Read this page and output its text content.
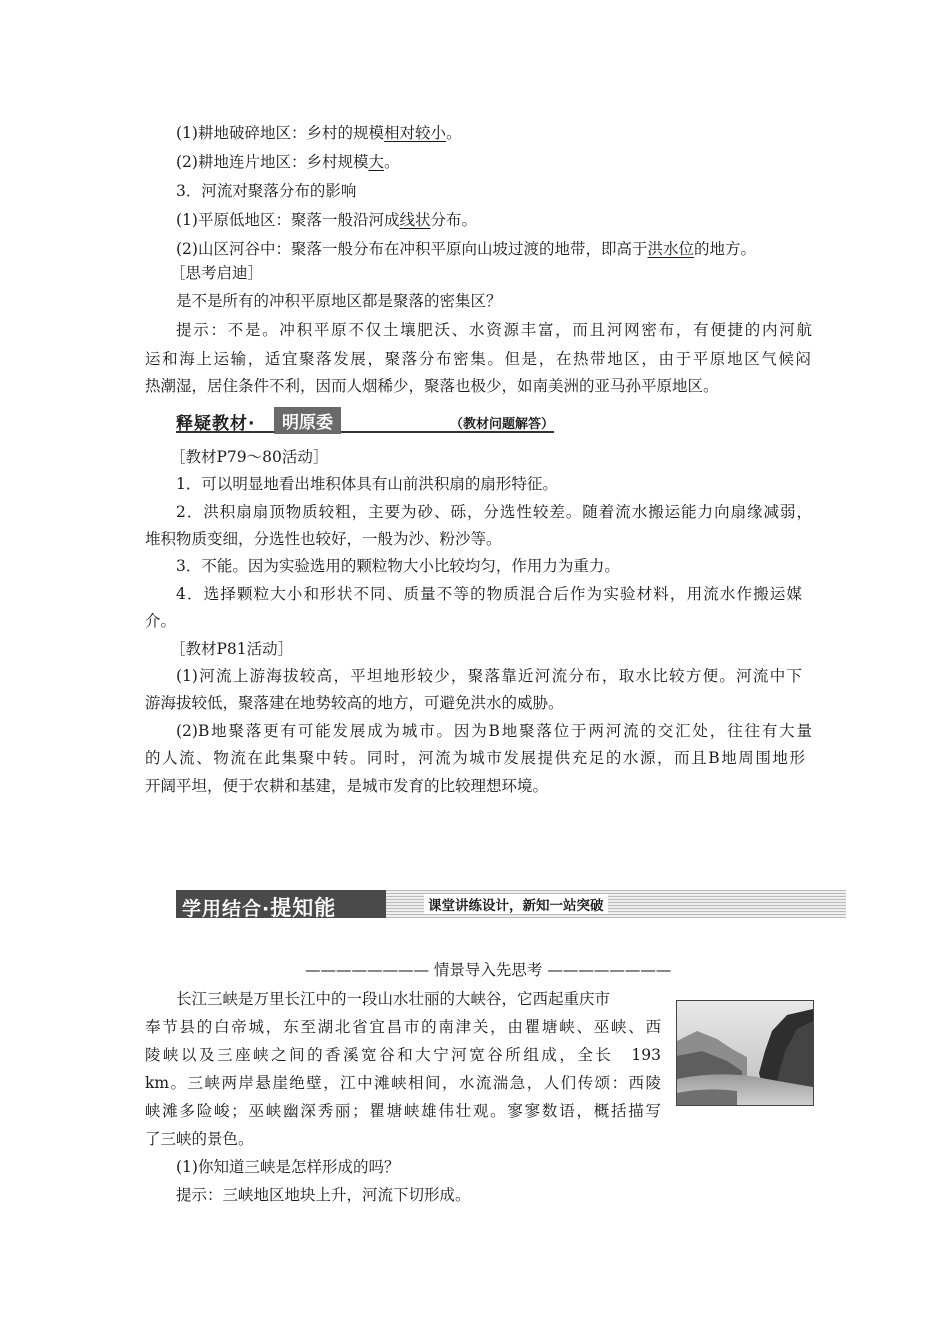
(1)耕地破碎地区：乡村的规模相对较小。
(2)耕地连片地区：乡村规模大。
3．河流对聚落分布的影响
(1)平原低地区：聚落一般沿河成线状分布。
(2)山区河谷中：聚落一般分布在冲积平原向山坡过渡的地带，即高于洪水位的地方。
［思考启迪］
是不是所有的冲积平原地区都是聚落的密集区？
提示：不是。冲积平原不仅土壤肥沃、水资源丰富，而且河网密布，有便捷的内河航
运和海上运输，适宜聚落发展，聚落分布密集。但是，在热带地区，由于平原地区气候闷
热潮湿，居住条件不利，因而人烟稀少，聚落也极少，如南美洲的亚马孙平原地区。
释疑教材·	明原委	（教材问题解答）
［教材P79～80活动］
1．可以明显地看出堆积体具有山前洪积扇的扇形特征。
2．洪积扇扇顶物质较粗，主要为砂、砾，分选性较差。随着流水搬运能力向扇缘减弱，
堆积物质变细，分选性也较好，一般为沙、粉沙等。
3．不能。因为实验选用的颗粒物大小比较均匀，作用力为重力。
4．选择颗粒大小和形状不同、质量不等的物质混合后作为实验材料，用流水作搬运媒
介。
［教材P81活动］
(1)河流上游海拔较高，平坦地形较少，聚落靠近河流分布，取水比较方便。河流中下
游海拔较低，聚落建在地势较高的地方，可避免洪水的威胁。
(2)B地聚落更有可能发展成为城市。因为B地聚落位于两河流的交汇处，往往有大量
的人流、物流在此集聚中转。同时，河流为城市发展提供充足的水源，而且B地周围地形
开阔平坦，便于农耕和基建，是城市发育的比较理想环境。
学用结合·提知能	课堂讲练设计，新知一站突破
———————— 情景导入先思考 ————————
长江三峡是万里长江中的一段山水壮丽的大峡谷，它西起重庆市
奉节县的白帝城，东至湖北省宜昌市的南津关，由瞿塘峡、巫峡、西
陵峡以及三座峡之间的香溪宽谷和大宁河宽谷所组成，全长　193
km。三峡两岸悬崖绝壁，江中滩峡相间，水流湍急，人们传颂：西陵
峡滩多险峻；巫峡幽深秀丽；瞿塘峡雄伟壮观。寥寥数语，概括描写
了三峡的景色。
(1)你知道三峡是怎样形成的吗？
提示：三峡地区地块上升，河流下切形成。
